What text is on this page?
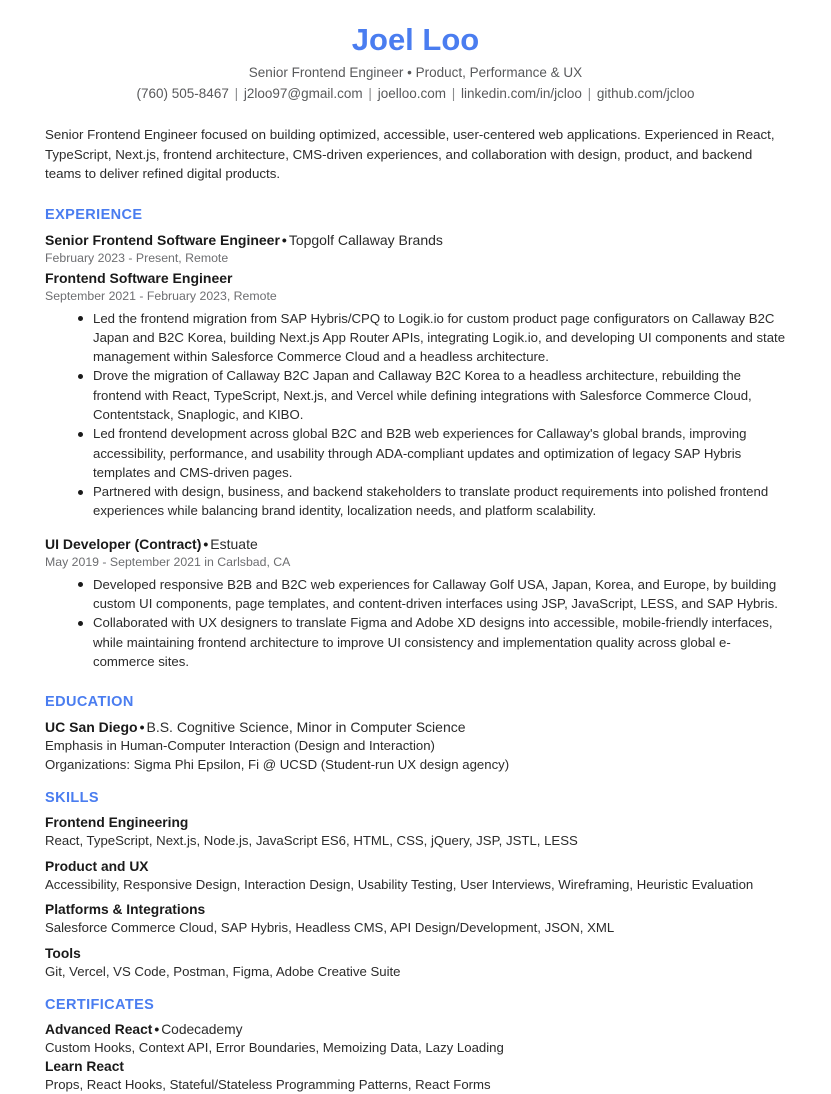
Joel Loo
Senior Frontend Engineer • Product, Performance & UX
(760) 505-8467 | j2loo97@gmail.com | joelloo.com | linkedin.com/in/jcloo | github.com/jcloo
Senior Frontend Engineer focused on building optimized, accessible, user-centered web applications. Experienced in React, TypeScript, Next.js, frontend architecture, CMS-driven experiences, and collaboration with design, product, and backend teams to deliver refined digital products.
EXPERIENCE
Senior Frontend Software Engineer • Topgolf Callaway Brands
February 2023 - Present, Remote
Frontend Software Engineer
September 2021 - February 2023, Remote
Led the frontend migration from SAP Hybris/CPQ to Logik.io for custom product page configurators on Callaway B2C Japan and B2C Korea, building Next.js App Router APIs, integrating Logik.io, and developing UI components and state management within Salesforce Commerce Cloud and a headless architecture.
Drove the migration of Callaway B2C Japan and Callaway B2C Korea to a headless architecture, rebuilding the frontend with React, TypeScript, Next.js, and Vercel while defining integrations with Salesforce Commerce Cloud, Contentstack, Snaplogic, and KIBO.
Led frontend development across global B2C and B2B web experiences for Callaway's global brands, improving accessibility, performance, and usability through ADA-compliant updates and optimization of legacy SAP Hybris templates and CMS-driven pages.
Partnered with design, business, and backend stakeholders to translate product requirements into polished frontend experiences while balancing brand identity, localization needs, and platform scalability.
UI Developer (Contract) • Estuate
May 2019 - September 2021 in Carlsbad, CA
Developed responsive B2B and B2C web experiences for Callaway Golf USA, Japan, Korea, and Europe, by building custom UI components, page templates, and content-driven interfaces using JSP, JavaScript, LESS, and SAP Hybris.
Collaborated with UX designers to translate Figma and Adobe XD designs into accessible, mobile-friendly interfaces, while maintaining frontend architecture to improve UI consistency and implementation quality across global e-commerce sites.
EDUCATION
UC San Diego • B.S. Cognitive Science, Minor in Computer Science
Emphasis in Human-Computer Interaction (Design and Interaction)
Organizations: Sigma Phi Epsilon, Fi @ UCSD (Student-run UX design agency)
SKILLS
Frontend Engineering
React, TypeScript, Next.js, Node.js, JavaScript ES6, HTML, CSS, jQuery, JSP, JSTL, LESS
Product and UX
Accessibility, Responsive Design, Interaction Design, Usability Testing, User Interviews, Wireframing, Heuristic Evaluation
Platforms & Integrations
Salesforce Commerce Cloud, SAP Hybris, Headless CMS, API Design/Development, JSON, XML
Tools
Git, Vercel, VS Code, Postman, Figma, Adobe Creative Suite
CERTIFICATES
Advanced React • Codecademy
Custom Hooks, Context API, Error Boundaries, Memoizing Data, Lazy Loading
Learn React
Props, React Hooks, Stateful/Stateless Programming Patterns, React Forms
